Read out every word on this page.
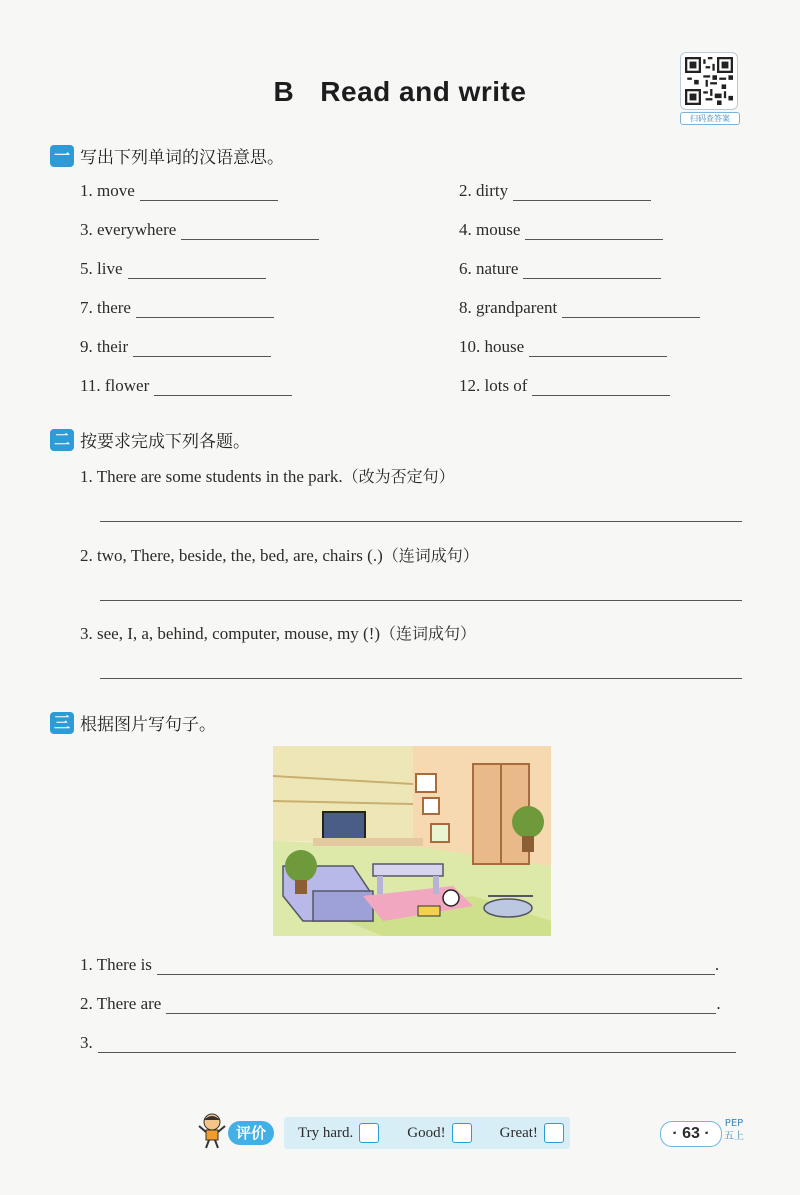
B Read and write
扫码查答案
一 写出下列单词的汉语意思。
1. move	2. dirty
3. everywhere	4. mouse
5. live	6. nature
7. there	8. grandparent
9. their	10. house
11. flower	12. lots of
二 按要求完成下列各题。
1. There are some students in the park.（改为否定句）
2. two, There, beside, the, bed, are, chairs (.)（连词成句）
3. see, I, a, behind, computer, mouse, my (!)（连词成句）
三 根据图片写句子。
1. There is	.
2. There are	.
3.
评价	Try hard.	Good!	Great!	· 63 ·
PEP
五上
